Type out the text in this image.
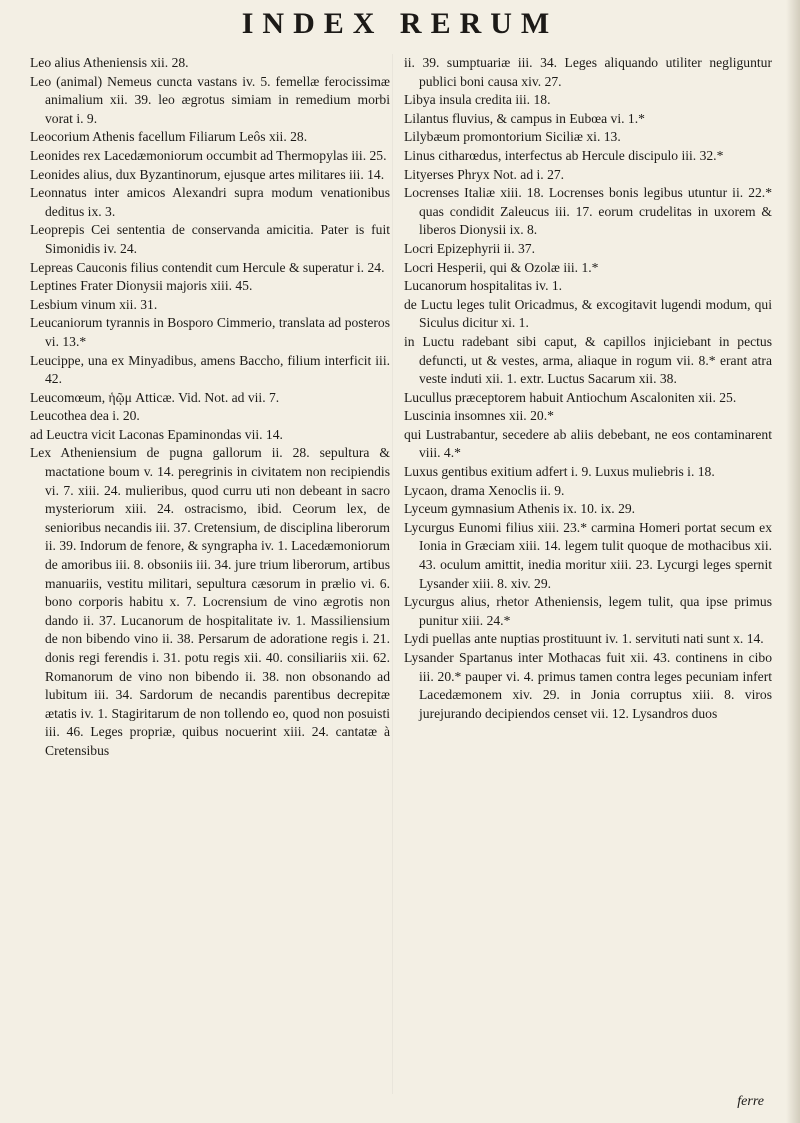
INDEX RERUM

Leo alius Atheniensis xii. 28.

Leo (animal) Nemeus cuncta vastans iv. 5. femellæ ferocissimæ animalium xii. 39. leo ægrotus simiam in remedium morbi vorat i. 9.

Leocorium Athenis facellum Filiarum Leôs xii. 28.

Leonides rex Lacedæmoniorum occumbit ad Thermopylas iii. 25.

Leonides alius, dux Byzantinorum, ejusque artes militares iii. 14.

Leonnatus inter amicos Alexandri supra modum venationibus deditus ix. 3.

Leoprepis Cei sententia de conservanda amicitia. Pater is fuit Simonidis iv. 24.

Lepreas Cauconis filius contendit cum Hercule & superatur i. 24.

Leptines Frater Dionysii majoris xiii. 45.

Lesbium vinum xii. 31.

Leucaniorum tyrannis in Bosporo Cimmerio, translata ad posteros vi. 13.*

Leucippe, una ex Minyadibus, amens Baccho, filium interficit iii. 42.

Leucomœum, ἡῷμ Atticæ. Vid. Not. ad vii. 7.

Leucothea dea i. 20.

ad Leuctra vicit Laconas Epaminondas vii. 14.

Lex Atheniensium de pugna gallorum ii. 28. sepultura & mactatione boum v. 14. peregrinis in civitatem non recipiendis vi. 7. xiii. 24. mulieribus, quod curru uti non debeant in sacro mysteriorum xiii. 24. ostracismo, ibid. Ceorum lex, de senioribus necandis iii. 37. Cretensium, de disciplina liberorum ii. 39. Indorum de fenore, & syngrapha iv. 1. Lacedæmoniorum de amoribus iii. 8. obsoniis iii. 34. jure trium liberorum, artibus manuariis, vestitu militari, sepultura cæsorum in prælio vi. 6. bono corporis habitu x. 7. Locrensium de vino ægrotis non dando ii. 37. Lucanorum de hospitalitate iv. 1. Massiliensium de non bibendo vino ii. 38. Persarum de adoratione regis i. 21. donis regi ferendis i. 31. potu regis xii. 40. consiliariis xii. 62. Romanorum de vino non bibendo ii. 38. non obsonando ad lubitum iii. 34. Sardorum de necandis parentibus decrepitæ ætatis iv. 1. Stagiritarum de non tollendo eo, quod non posuisti iii. 46. Leges propriæ, quibus nocuerint xiii. 24. cantatæ à Cretensibus

ii. 39. sumptuariæ iii. 34. Leges aliquando utiliter negliguntur publici boni causa xiv. 27.

Libya insula credita iii. 18.

Lilantus fluvius, & campus in Eubœa vi. 1.*

Lilybæum promontorium Siciliæ xi. 13.

Linus citharœdus, interfectus ab Hercule discipulo iii. 32.*

Lityerses Phryx Not. ad i. 27.

Locrenses Italiæ xiii. 18. Locrenses bonis legibus utuntur ii. 22.* quas condidit Zaleucus iii. 17. eorum crudelitas in uxorem & liberos Dionysii ix. 8.

Locri Epizephyrii ii. 37.

Locri Hesperii, qui & Ozolæ iii. 1.*

Lucanorum hospitalitas iv. 1.

de Luctu leges tulit Oricadmus, & excogitavit lugendi modum, qui Siculus dicitur xi. 1.

in Luctu radebant sibi caput, & capillos injiciebant in pectus defuncti, ut & vestes, arma, aliaque in rogum vii. 8.* erant atra veste induti xii. 1. extr. Luctus Sacarum xii. 38.

Lucullus præceptorem habuit Antiochum Ascaloniten xii. 25.

Luscinia insomnes xii. 20.*

qui Lustrabantur, secedere ab aliis debebant, ne eos contaminarent viii. 4.*

Luxus gentibus exitium adfert i. 9. Luxus muliebris i. 18.

Lycaon, drama Xenoclis ii. 9.

Lyceum gymnasium Athenis ix. 10. ix. 29.

Lycurgus Eunomi filius xiii. 23.* carmina Homeri portat secum ex Ionia in Græciam xiii. 14. legem tulit quoque de mothacibus xii. 43. oculum amittit, inedia moritur xiii. 23. Lycurgi leges spernit Lysander xiii. 8. xiv. 29.

Lycurgus alius, rhetor Atheniensis, legem tulit, qua ipse primus punitur xiii. 24.*

Lydi puellas ante nuptias prostituunt iv. 1. servituti nati sunt x. 14.

Lysander Spartanus inter Mothacas fuit xii. 43. continens in cibo iii. 20.* pauper vi. 4. primus tamen contra leges pecuniam infert Lacedæmonem xiv. 29. in Jonia corruptus xiii. 8. viros jurejurando decipiendos censet vii. 12. Lysandros duos

ferre
